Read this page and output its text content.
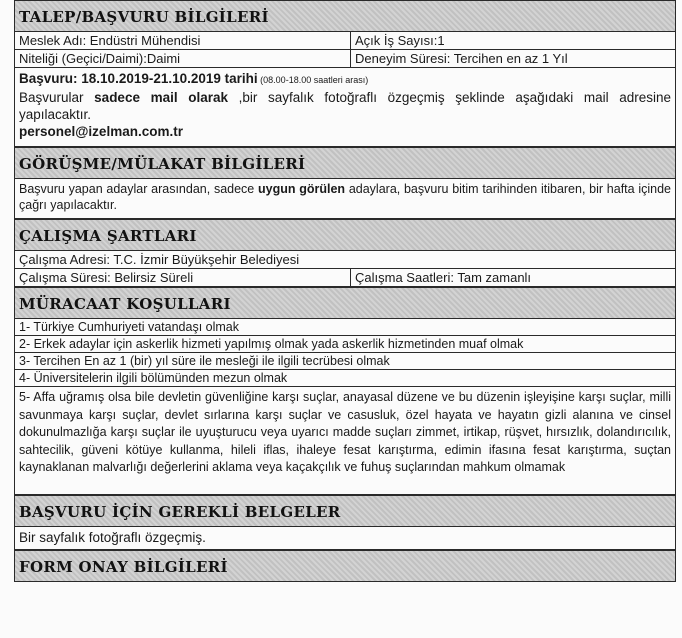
TALEP/BAŞVURU BİLGİLERİ
Meslek Adı: Endüstri Mühendisi	Açık İş Sayısı:1
Niteliği (Geçici/Daimi):Daimi	Deneyim Süresi: Tercihen en az 1 Yıl
Başvuru: 18.10.2019-21.10.2019 tarihi (08.00-18.00 saatleri arası)
Başvurular sadece mail olarak ,bir sayfalık fotoğraflı özgeçmiş şeklinde aşağıdaki mail adresine yapılacaktır.
personel@izelman.com.tr
GÖRÜŞME/MÜLAKAT BİLGİLERİ
Başvuru yapan adaylar arasından, sadece uygun görülen adaylara, başvuru bitim tarihinden itibaren, bir hafta içinde çağrı yapılacaktır.
ÇALIŞMA ŞARTLARI
Çalışma Adresi: T.C. İzmir Büyükşehir Belediyesi
Çalışma Süresi: Belirsiz Süreli	Çalışma Saatleri: Tam zamanlı
MÜRACAAT KOŞULLARI
1- Türkiye Cumhuriyeti vatandaşı olmak
2- Erkek adaylar için askerlik hizmeti yapılmış olmak yada askerlik hizmetinden muaf olmak
3- Tercihen En az 1 (bir) yıl süre ile mesleği ile ilgili tecrübesi olmak
4- Üniversitelerin ilgili bölümünden mezun olmak
5- Affa uğramış olsa bile devletin güvenliğine karşı suçlar, anayasal düzene ve bu düzenin işleyişine karşı suçlar, milli savunmaya karşı suçlar, devlet sırlarına karşı suçlar ve casusluk, özel hayata ve hayatın gizli alanına ve cinsel dokunulmazlığa karşı suçlar ile uyuşturucu veya uyarıcı madde suçları zimmet, irtikap, rüşvet, hırsızlık, dolandırıcılık, sahtecilik, güveni kötüye kullanma, hileli iflas, ihaleye fesat karıştırma, edimin ifasına fesat karıştırma, suçtan kaynaklanan malvarlığı değerlerini aklama veya kaçakçılık ve fuhuş suçlarından mahkum olmamak
BAŞVURU İÇİN GEREKLİ BELGELER
Bir sayfalık fotoğraflı özgeçmiş.
FORM ONAY BİLGİLERİ
